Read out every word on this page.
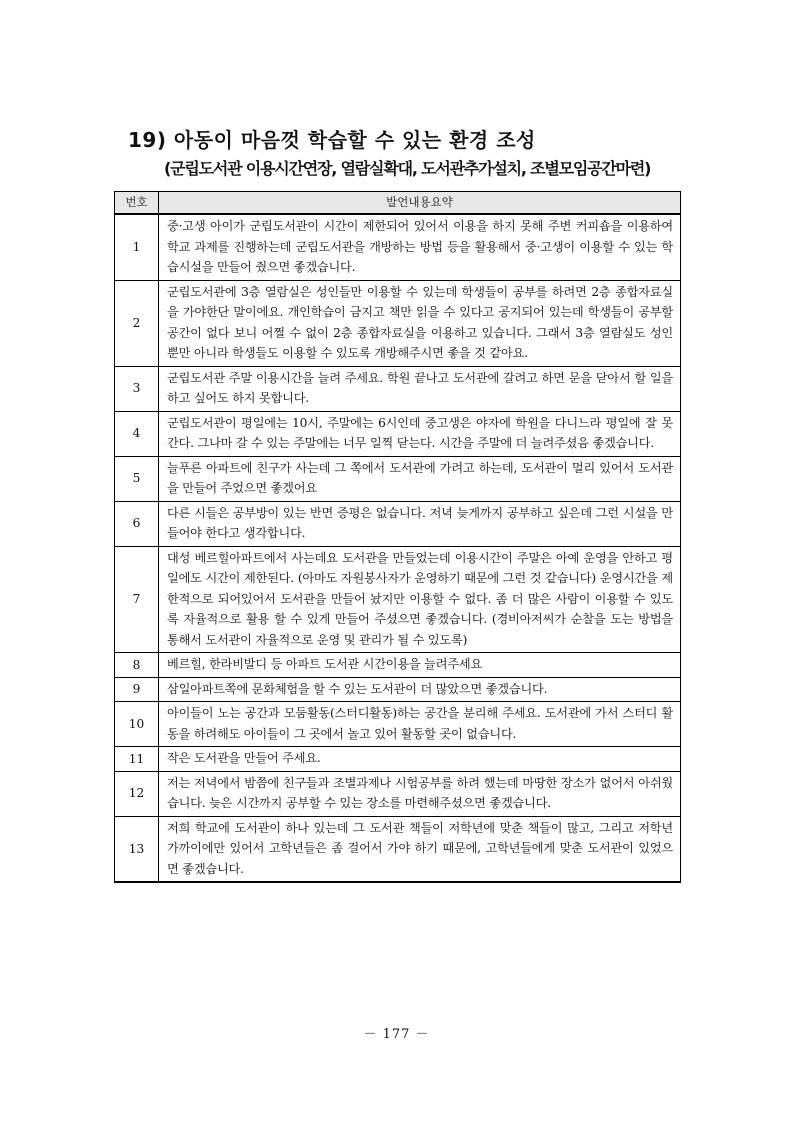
19) 아동이 마음껏 학습할 수 있는 환경 조성
(군립도서관 이용시간연장, 열람실확대, 도서관추가설치, 조별모임공간마련)
번호	발언내용요약
1	중·고생 아이가 군립도서관이 시간이 제한되어 있어서 이용을 하지 못해 주변 커피숍을 이용하여 학교 과제를 진행하는데 군립도서관을 개방하는 방법 등을 활용해서 중·고생이 이용할 수 있는 학습시설을 만들어 줬으면 좋겠습니다.
2	군립도서관에 3층 열람실은 성인들만 이용할 수 있는데 학생들이 공부를 하려면 2층 종합자료실을 가야한단 말이에요. 개인학습이 금지고 책만 읽을 수 있다고 공지되어 있는데 학생들이 공부할 공간이 없다 보니 어쩔 수 없이 2층 종합자료실을 이용하고 있습니다. 그래서 3층 열람실도 성인뿐만 아니라 학생들도 이용할 수 있도록 개방해주시면 좋을 것 같아요.
3	군립도서관 주말 이용시간을 늘려 주세요. 학원 끝나고 도서관에 갈려고 하면 문을 닫아서 할 일을 하고 싶어도 하지 못합니다.
4	군립도서관이 평일에는 10시, 주말에는 6시인데 중고생은 야자에 학원을 다니느라 평일에 잘 못 간다. 그나마 갈 수 있는 주말에는 너무 일찍 닫는다. 시간을 주말에 더 늘려주셨음 좋겠습니다.
5	늘푸른 아파트에 친구가 사는데 그 쪽에서 도서관에 가려고 하는데, 도서관이 멀리 있어서 도서관을 만들어 주었으면 좋겠어요
6	다른 시들은 공부방이 있는 반면 증평은 없습니다. 저녁 늦게까지 공부하고 싶은데 그런 시설을 만들어야 한다고 생각합니다.
7	대성 베르힐아파트에서 사는데요 도서관을 만들었는데 이용시간이 주말은 아예 운영을 안하고 평일에도 시간이 제한된다. (아마도 자원봉사자가 운영하기 때문에 그런 것 같습니다) 운영시간을 제한적으로 되어있어서 도서관을 만들어 놨지만 이용할 수 없다. 좀 더 많은 사람이 이용할 수 있도록 자율적으로 활용 할 수 있게 만들어 주셨으면 좋겠습니다. (경비아저씨가 순찰을 도는 방법을 통해서 도서관이 자율적으로 운영 및 관리가 될 수 있도록)
8	베르힐, 한라비발디 등 아파트 도서관 시간이용을 늘려주세요
9	삼일아파트쪽에 문화체험을 할 수 있는 도서관이 더 많았으면 좋겠습니다.
10	아이들이 노는 공간과 모둠활동(스터디활동)하는 공간을 분리해 주세요. 도서관에 가서 스터디 활동을 하려해도 아이들이 그 곳에서 놀고 있어 활동할 곳이 없습니다.
11	작은 도서관을 만들어 주세요.
12	저는 저녁에서 밤쯤에 친구들과 조별과제나 시험공부를 하려 했는데 마땅한 장소가 없어서 아쉬웠습니다. 늦은 시간까지 공부할 수 있는 장소를 마련해주셨으면 좋겠습니다.
13	저희 학교에 도서관이 하나 있는데 그 도서관 책들이 저학년에 맞춘 책들이 많고, 그리고 저학년 가까이에만 있어서 고학년들은 좀 걸어서 가야 하기 때문에, 고학년들에게 맞춘 도서관이 있었으면 좋겠습니다.
－ 177 －
